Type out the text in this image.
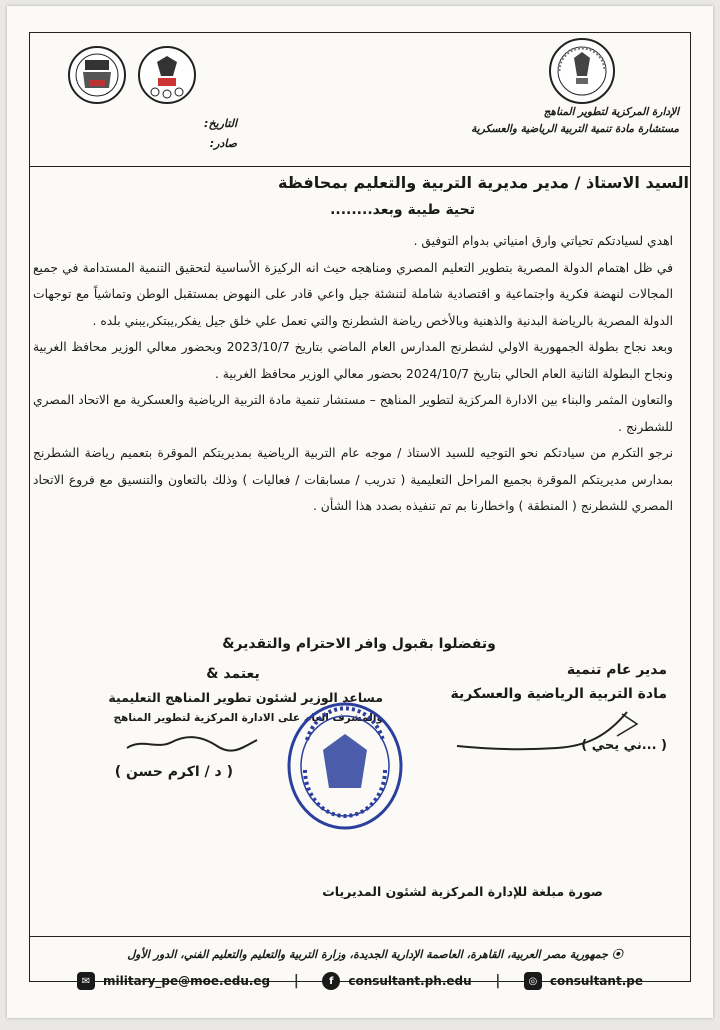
الإدارة المركزية لتطوير المناهج
مستشارة مادة تنمية التربية الرياضية والعسكرية
التاريخ:
صادر:
السيد الاستاذ / مدير مديرية التربية والتعليم بمحافظة
تحية طيبة وبعد........

اهدي لسيادتكم تحياتي وارق امنياتي بدوام التوفيق .

في ظل اهتمام الدولة المصرية بتطوير التعليم المصري ومناهجه حيث انه الركيزة الأساسية لتحقيق التنمية المستدامة في جميع المجالات لنهضة فكرية واجتماعية و اقتصادية شاملة لتنشئة جيل واعي قادر على النهوض بمستقبل الوطن وتماشياً مع توجهات الدولة المصرية بالرياضة البدنية والذهنية وبالأخص رياضة الشطرنج والتي تعمل علي خلق جيل يفكر,يبتكر,يبني بلده .

وبعد نجاح بطولة الجمهورية الاولي لشطرنج المدارس العام الماضي بتاريخ 2023/10/7 وبحضور معالي الوزير محافظ الغربية ونجاح البطولة الثانية العام الحالي بتاريخ 2024/10/7 بحضور معالي الوزير محافظ الغربية .

والتعاون المثمر والبناء بين الادارة المركزية لتطوير المناهج – مستشار تنمية مادة التربية الرياضية والعسكرية مع الاتحاد المصري للشطرنج .

نرجو التكرم من سيادتكم نحو التوجيه للسيد الاستاذ / موجه عام التربية الرياضية بمديريتكم الموقرة بتعميم رياضة الشطرنج بمدارس مديريتكم الموقرة بجميع المراحل التعليمية ( تدريب / مسابقات / فعاليات ) وذلك بالتعاون والتنسيق مع فروع الاتحاد المصري للشطرنج ( المنطقة ) واخطارنا بم تم تنفيذه بصدد هذا الشأن .

وتفضلوا بقبول وافر الاحترام والتقدير&
مدير عام تنمية
مادة التربية الرياضية والعسكرية
( ...ني يحي )
يعتمد &
مساعد الوزير لشئون تطوير المناهج التعليمية
والمشرف العام على الادارة المركزية لتطوير المناهج
( د / اكرم حسن )
صورة مبلغة للإدارة المركزية لشئون المديريات
⦿ جمهورية مصر العربية، القاهرة، العاصمة الإدارية الجديدة، وزارة التربية والتعليم والتعليم الفني، الدور الأول
✉	military_pe@moe.edu.eg |	f	consultant.ph.edu |	◎	consultant.pe
